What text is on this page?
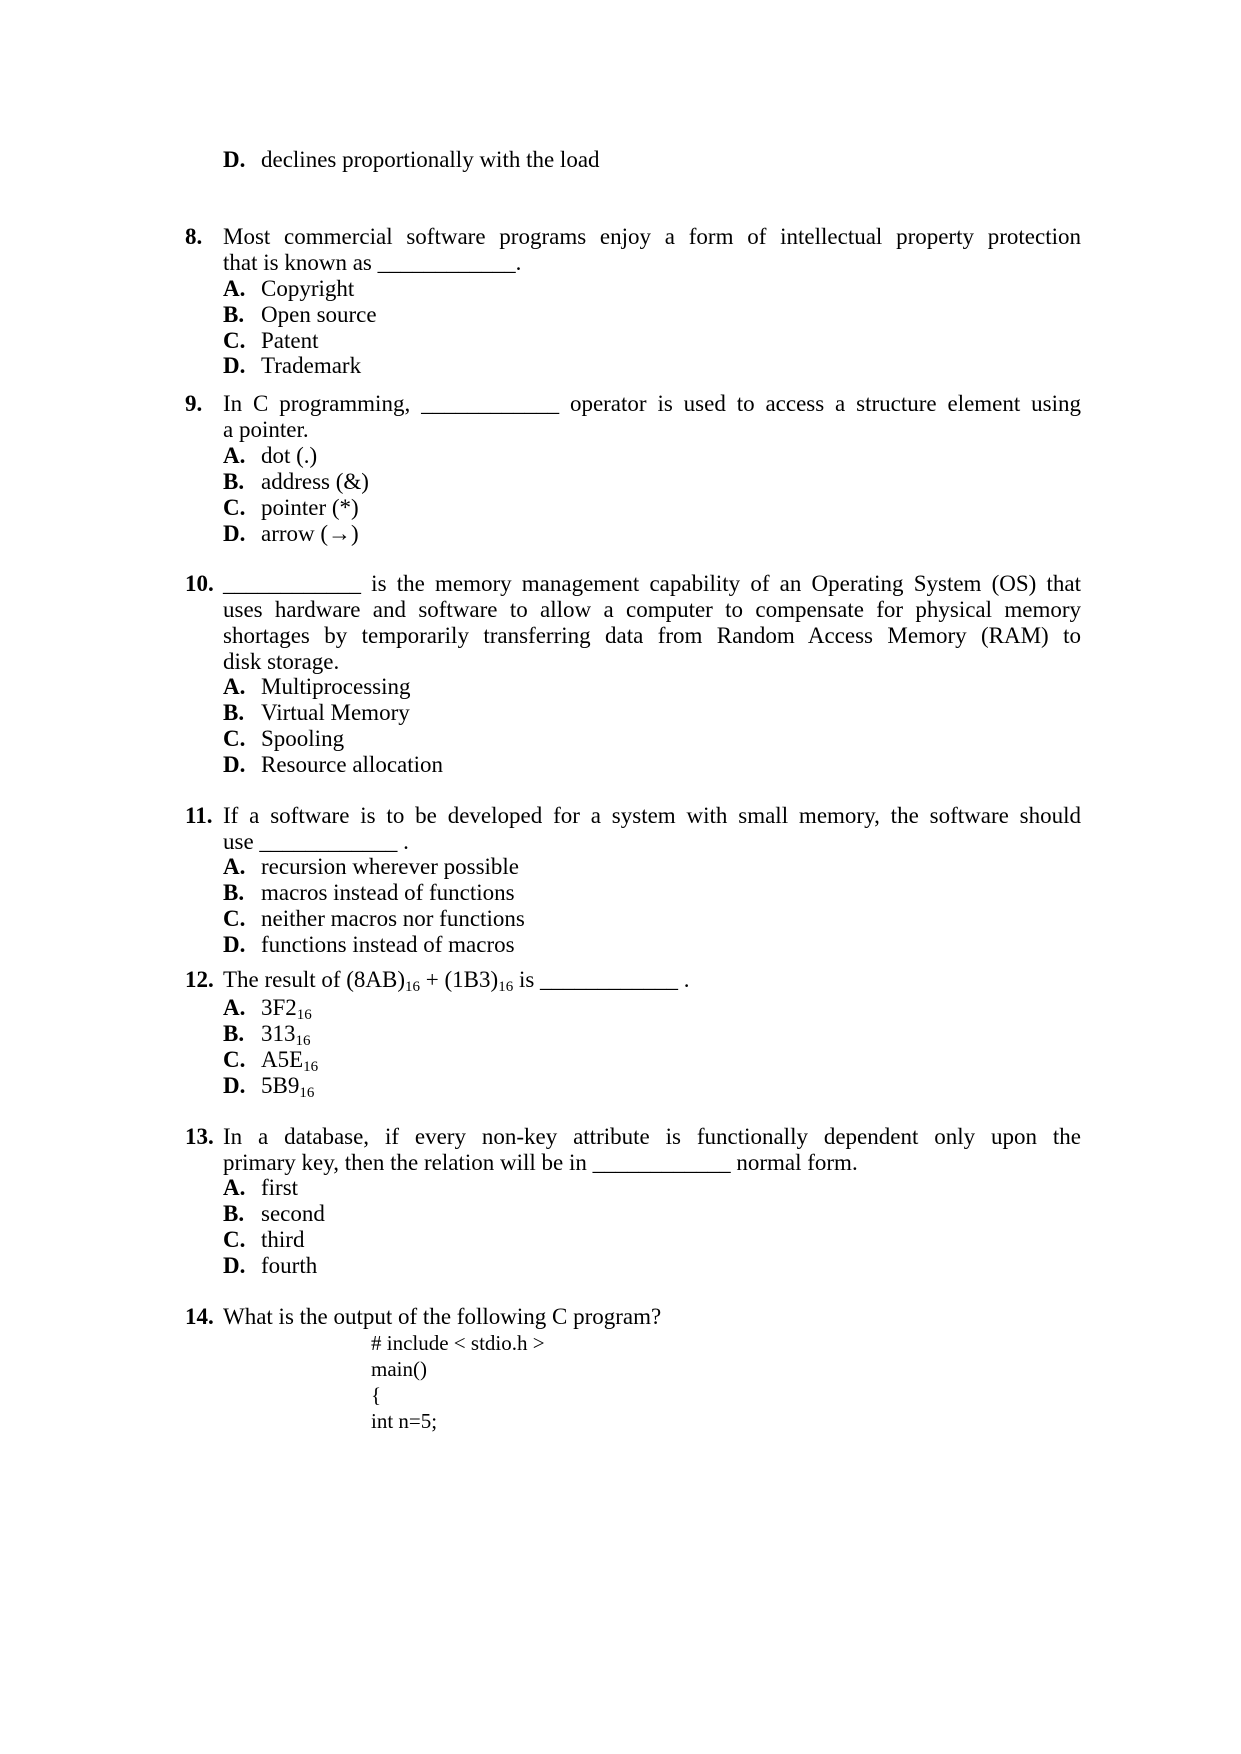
D. declines proportionally with the load
8. Most commercial software programs enjoy a form of intellectual property protection
that is known as ____________.
A. Copyright
B. Open source
C. Patent
D. Trademark
9. In C programming, ____________ operator is used to access a structure element using
a pointer.
A. dot (.)
B. address (&)
C. pointer (*)
D. arrow (→)
10. ____________ is the memory management capability of an Operating System (OS) that
uses hardware and software to allow a computer to compensate for physical memory
shortages by temporarily transferring data from Random Access Memory (RAM) to
disk storage.
A. Multiprocessing
B. Virtual Memory
C. Spooling
D. Resource allocation
11. If a software is to be developed for a system with small memory, the software should
use ____________ .
A. recursion wherever possible
B. macros instead of functions
C. neither macros nor functions
D. functions instead of macros
12. The result of $(8AB)_{16} + (1B3)_{16}$ is ____________ .
A. $3F2_{16}$
B. $313_{16}$
C. $A5E_{16}$
D. $5B9_{16}$
13. In a database, if every non-key attribute is functionally dependent only upon the
primary key, then the relation will be in ____________ normal form.
A. first
B. second
C. third
D. fourth
14. What is the output of the following C program?
# include < stdio.h >
main()
{
int n=5;
